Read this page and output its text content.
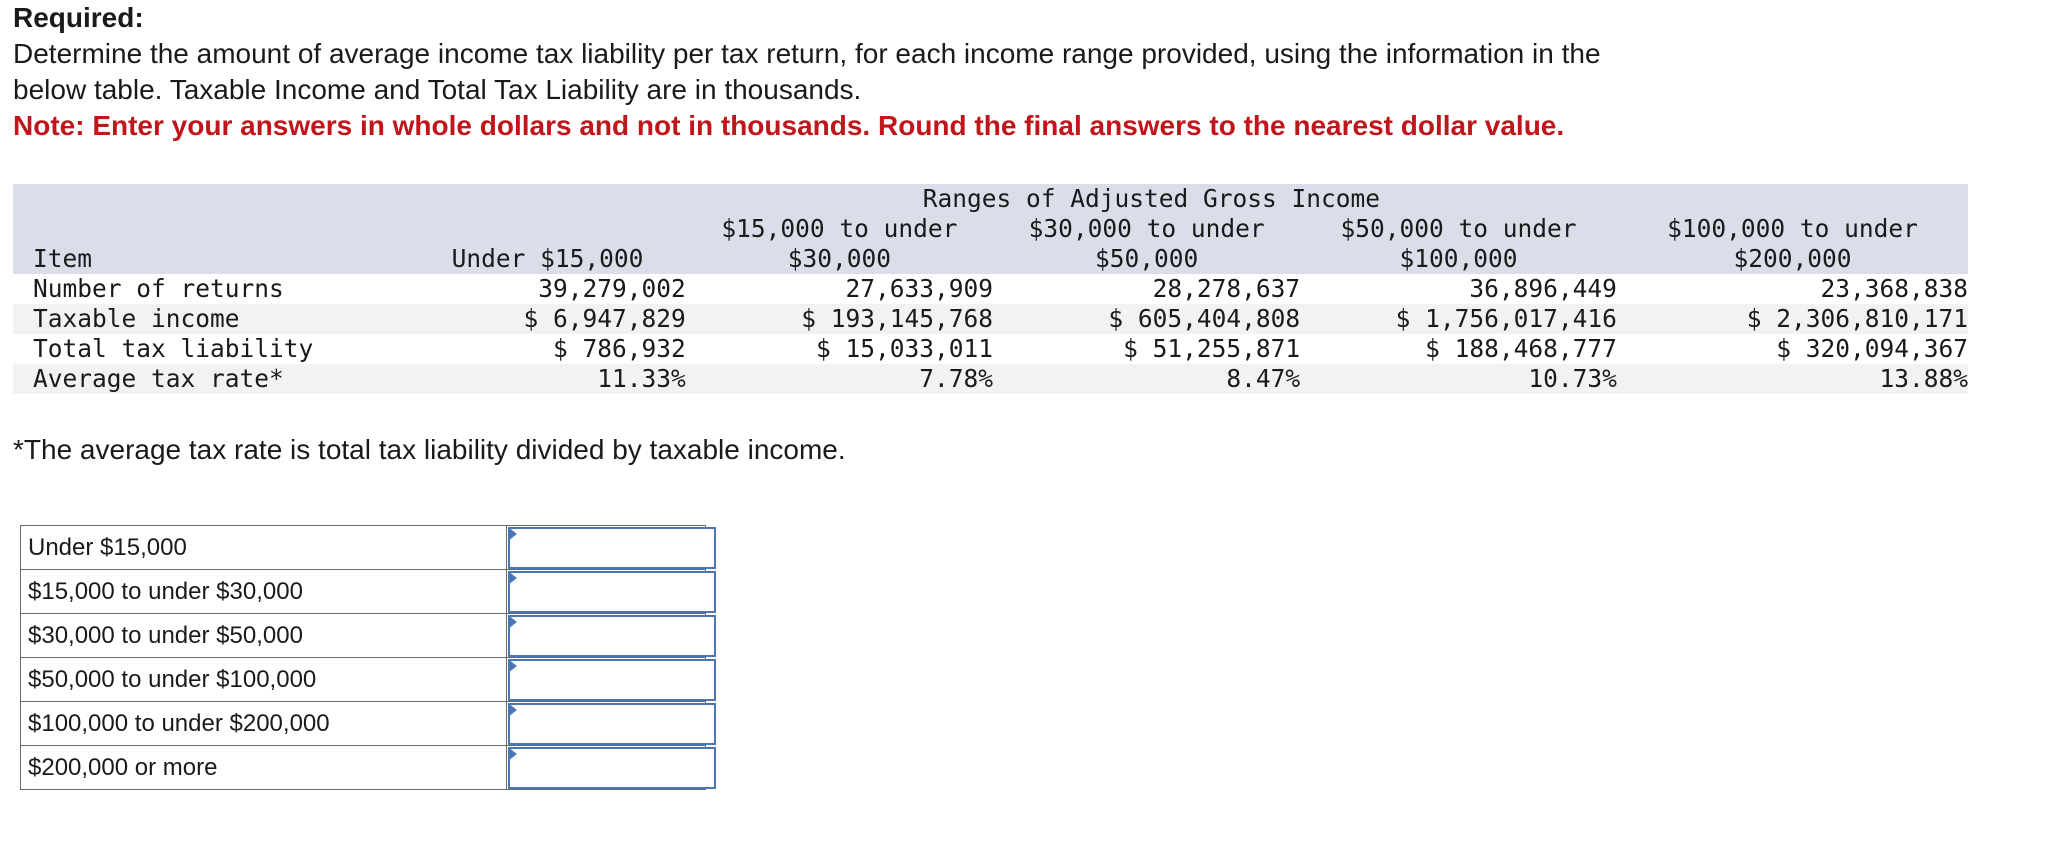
Required:

Determine the amount of average income tax liability per tax return, for each income range provided, using the information in the

below table. Taxable Income and Total Tax Liability are in thousands.

Note: Enter your answers in whole dollars and not in thousands. Round the final answers to the nearest dollar value.

		Ranges of Adjusted Gross Income			
		$15,000 to under	$30,000 to under	$50,000 to under	$100,000 to under
Item	Under $15,000	$30,000	$50,000	$100,000	$200,000
Number of returns	39,279,002	27,633,909	28,278,637	36,896,449	23,368,838
Taxable income	$ 6,947,829	$ 193,145,768	$ 605,404,808	$ 1,756,017,416	$ 2,306,810,171
Total tax liability	$ 786,932	$ 15,033,011	$ 51,255,871	$ 188,468,777	$ 320,094,367
Average tax rate*	11.33%	7.78%	8.47%	10.73%	13.88%

*The average tax rate is total tax liability divided by taxable income.

Under $15,000	

$15,000 to under $30,000	

$30,000 to under $50,000	

$50,000 to under $100,000	

$100,000 to under $200,000	

$200,000 or more	
